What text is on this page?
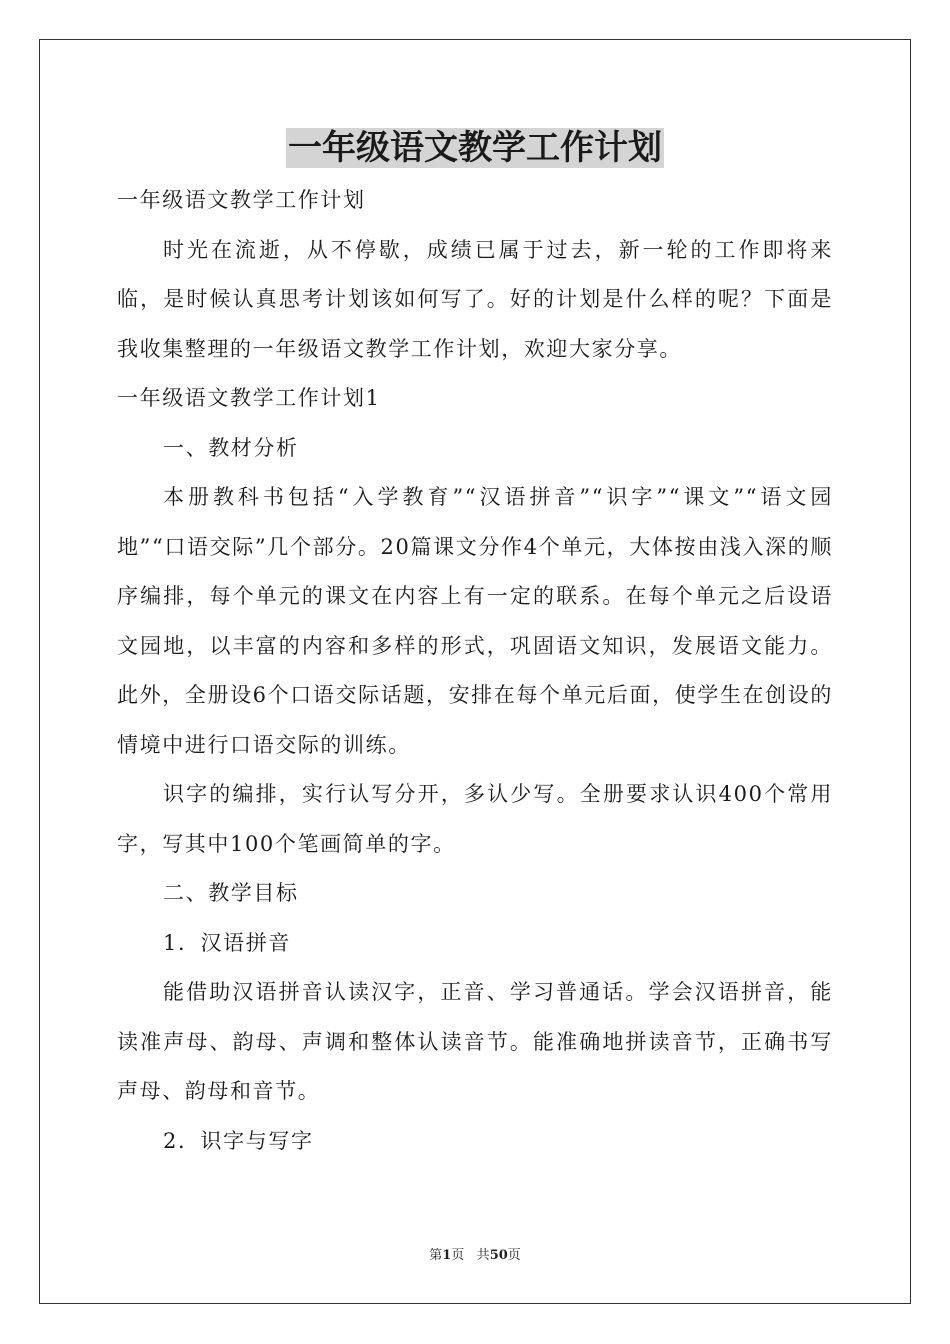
一年级语文教学工作计划

一年级语文教学工作计划

时光在流逝，从不停歇，成绩已属于过去，新一轮的工作即将来临，是时候认真思考计划该如何写了。好的计划是什么样的呢？下面是我收集整理的一年级语文教学工作计划，欢迎大家分享。

一年级语文教学工作计划1

一、教材分析

本册教科书包括“入学教育”“汉语拼音”“识字”“课文”“语文园地”“口语交际”几个部分。20篇课文分作4个单元，大体按由浅入深的顺序编排，每个单元的课文在内容上有一定的联系。在每个单元之后设语文园地，以丰富的内容和多样的形式，巩固语文知识，发展语文能力。此外，全册设6个口语交际话题，安排在每个单元后面，使学生在创设的情境中进行口语交际的训练。

识字的编排，实行认写分开，多认少写。全册要求认识400个常用字，写其中100个笔画简单的字。

二、教学目标

1．汉语拼音

能借助汉语拼音认读汉字，正音、学习普通话。学会汉语拼音，能读准声母、韵母、声调和整体认读音节。能准确地拼读音节，正确书写声母、韵母和音节。

2．识字与写字

第1页 共50页
